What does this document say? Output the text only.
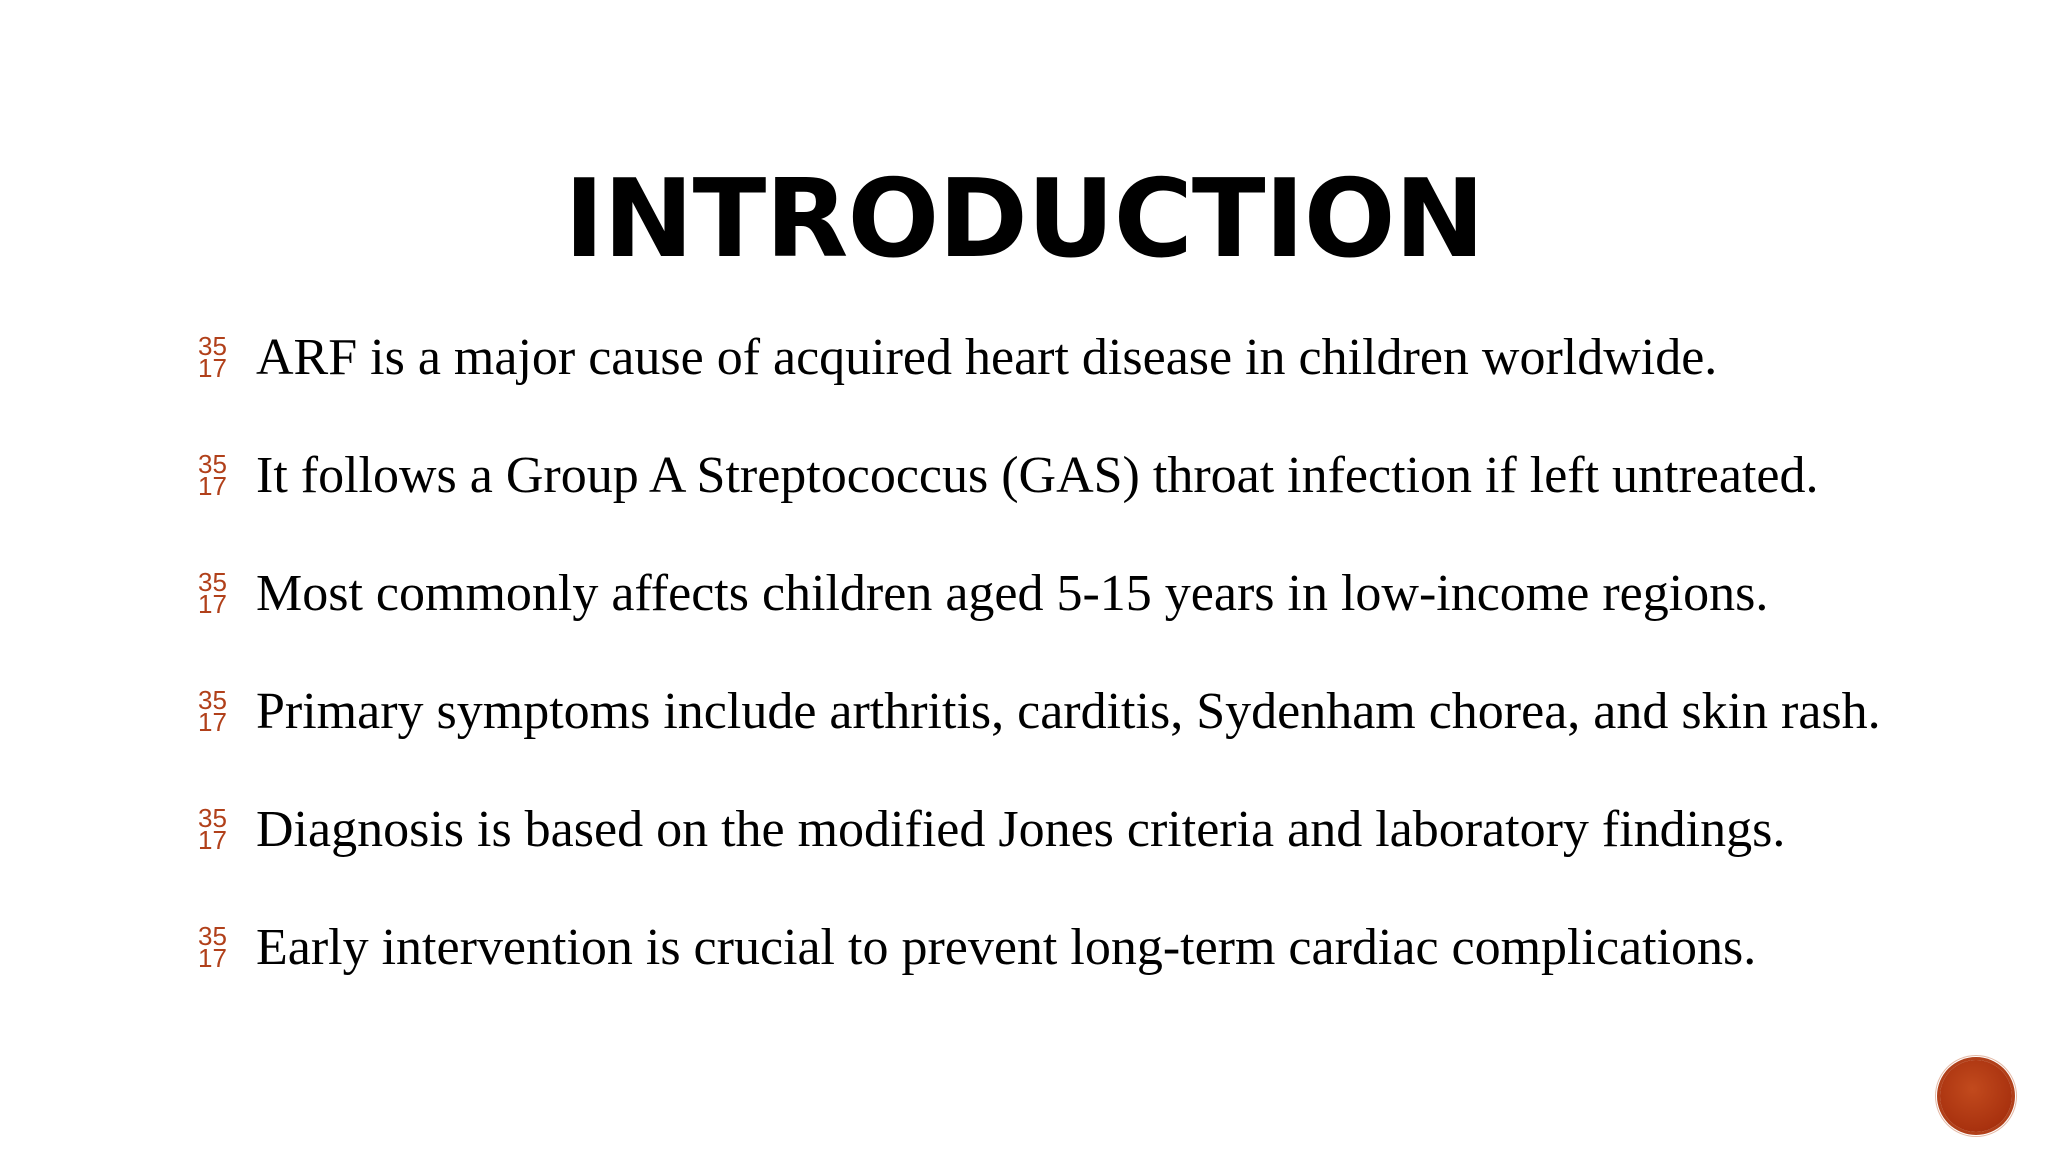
INTRODUCTION
35
17 ARF is a major cause of acquired heart disease in children worldwide.
35
17 It follows a Group A Streptococcus (GAS) throat infection if left untreated.
35
17 Most commonly affects children aged 5-15 years in low-income regions.
35
17 Primary symptoms include arthritis, carditis, Sydenham chorea, and skin rash.
35
17 Diagnosis is based on the modified Jones criteria and laboratory findings.
35
17 Early intervention is crucial to prevent long-term cardiac complications.
